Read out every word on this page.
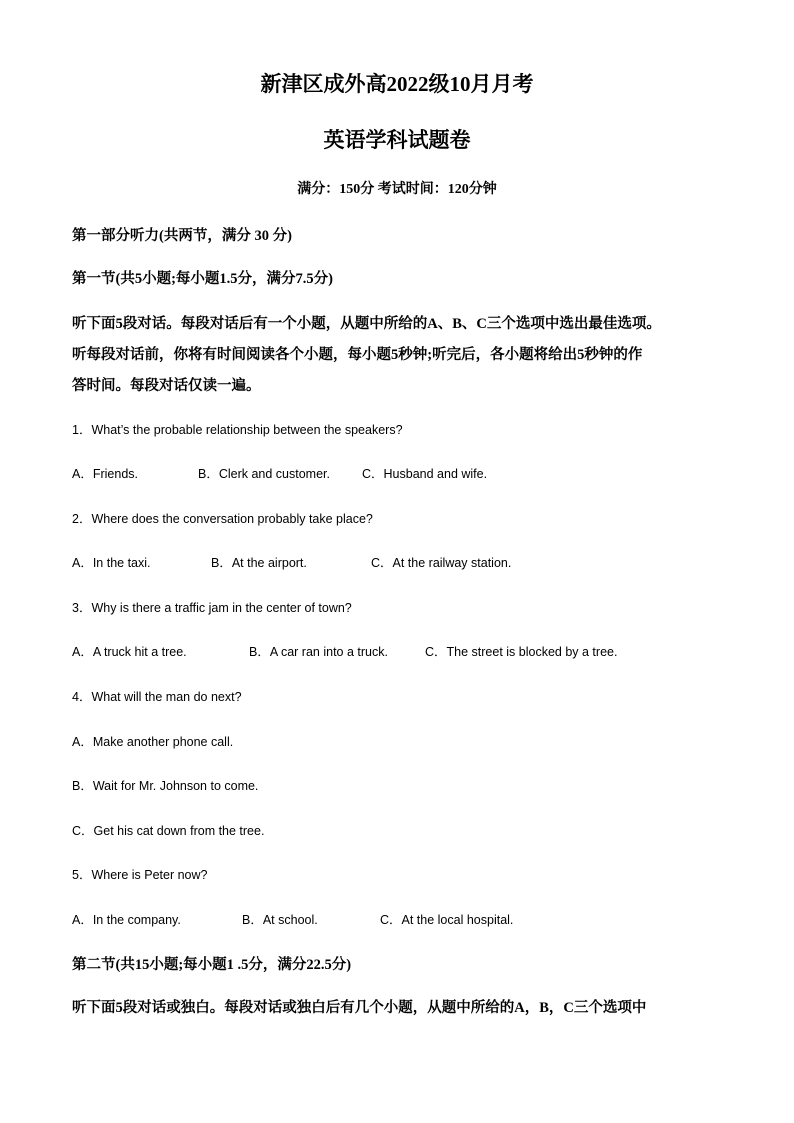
新津区成外高2022级10月月考
英语学科试题卷
满分：150分 考试时间：120分钟
第一部分听力(共两节，满分 30 分)
第一节(共5小题;每小题1.5分，满分7.5分)
听下面5段对话。每段对话后有一个小题，从题中所给的A、B、C三个选项中选出最佳选项。
听每段对话前，你将有时间阅读各个小题，每小题5秒钟;听完后，各小题将给出5秒钟的作
答时间。每段对话仅读一遍。
1．What’s the probable relationship between the speakers?
A．Friends.	B．Clerk and customer.	C．Husband and wife.
2．Where does the conversation probably take place?
A．In the taxi.	B．At the airport.	C．At the railway station.
3．Why is there a traffic jam in the center of town?
A．A truck hit a tree.	B．A car ran into a truck.	C．The street is blocked by a tree.
4．What will the man do next?
A．Make another phone call.
B．Wait for Mr. Johnson to come.
C．Get his cat down from the tree.
5．Where is Peter now?
A．In the company.	B．At school.	C．At the local hospital.
第二节(共15小题;每小题1 .5分，满分22.5分)
听下面5段对话或独白。每段对话或独白后有几个小题，从题中所给的A，B，C三个选项中
